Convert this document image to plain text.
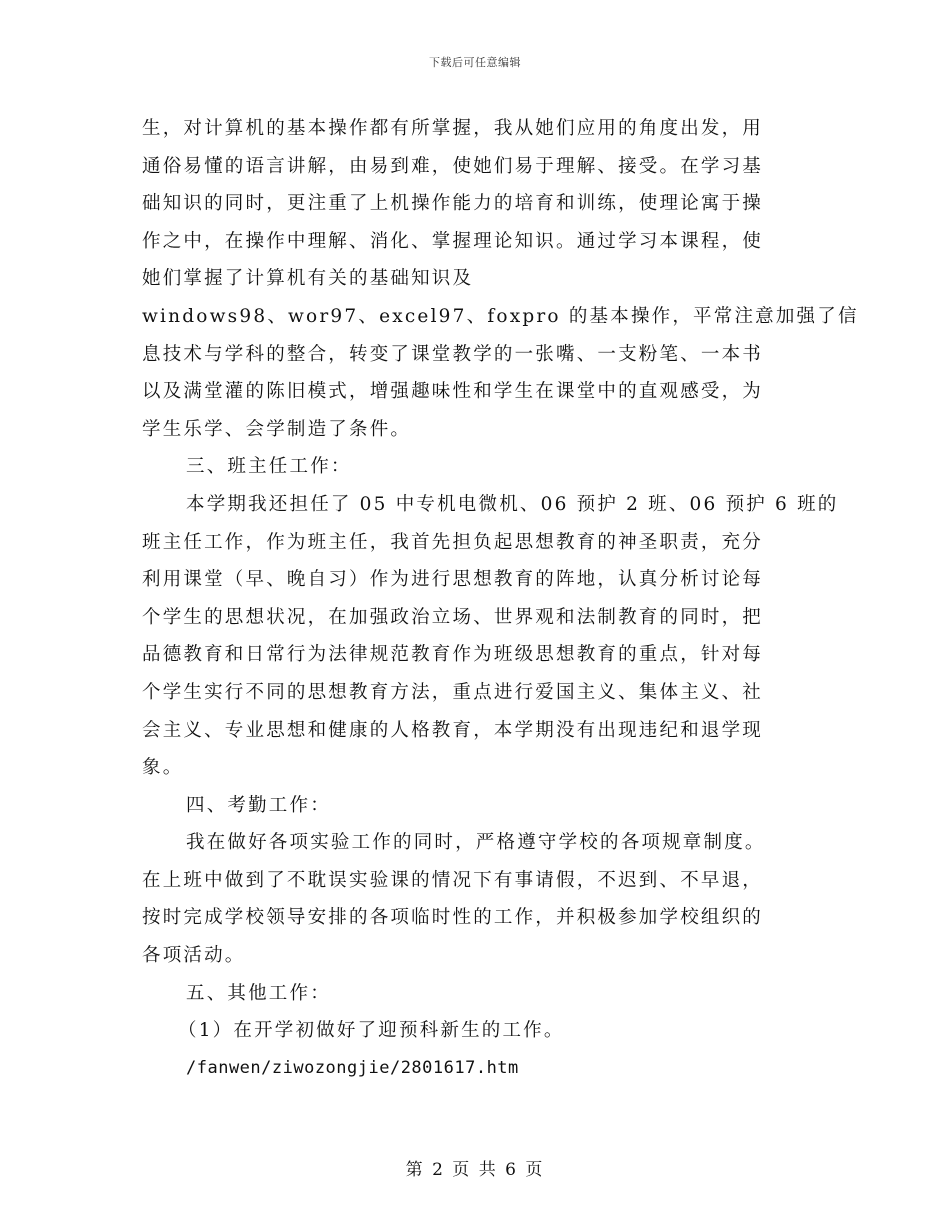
下载后可任意编辑
生，对计算机的基本操作都有所掌握，我从她们应用的角度出发，用
通俗易懂的语言讲解，由易到难，使她们易于理解、接受。在学习基
础知识的同时，更注重了上机操作能力的培育和训练，使理论寓于操
作之中，在操作中理解、消化、掌握理论知识。通过学习本课程，使
她们掌握了计算机有关的基础知识及
windows98、wor97、excel97、foxpro 的基本操作，平常注意加强了信
息技术与学科的整合，转变了课堂教学的一张嘴、一支粉笔、一本书
以及满堂灌的陈旧模式，增强趣味性和学生在课堂中的直观感受，为
学生乐学、会学制造了条件。
三、班主任工作：
本学期我还担任了 05 中专机电微机、06 预护 2 班、06 预护 6 班的
班主任工作，作为班主任，我首先担负起思想教育的神圣职责，充分
利用课堂（早、晚自习）作为进行思想教育的阵地，认真分析讨论每
个学生的思想状况，在加强政治立场、世界观和法制教育的同时，把
品德教育和日常行为法律规范教育作为班级思想教育的重点，针对每
个学生实行不同的思想教育方法，重点进行爱国主义、集体主义、社
会主义、专业思想和健康的人格教育，本学期没有出现违纪和退学现
象。
四、考勤工作：
我在做好各项实验工作的同时，严格遵守学校的各项规章制度。
在上班中做到了不耽误实验课的情况下有事请假，不迟到、不早退，
按时完成学校领导安排的各项临时性的工作，并积极参加学校组织的
各项活动。
五、其他工作：
（1）在开学初做好了迎预科新生的工作。
/fanwen/ziwozongjie/2801617.htm
第 2 页 共 6 页
